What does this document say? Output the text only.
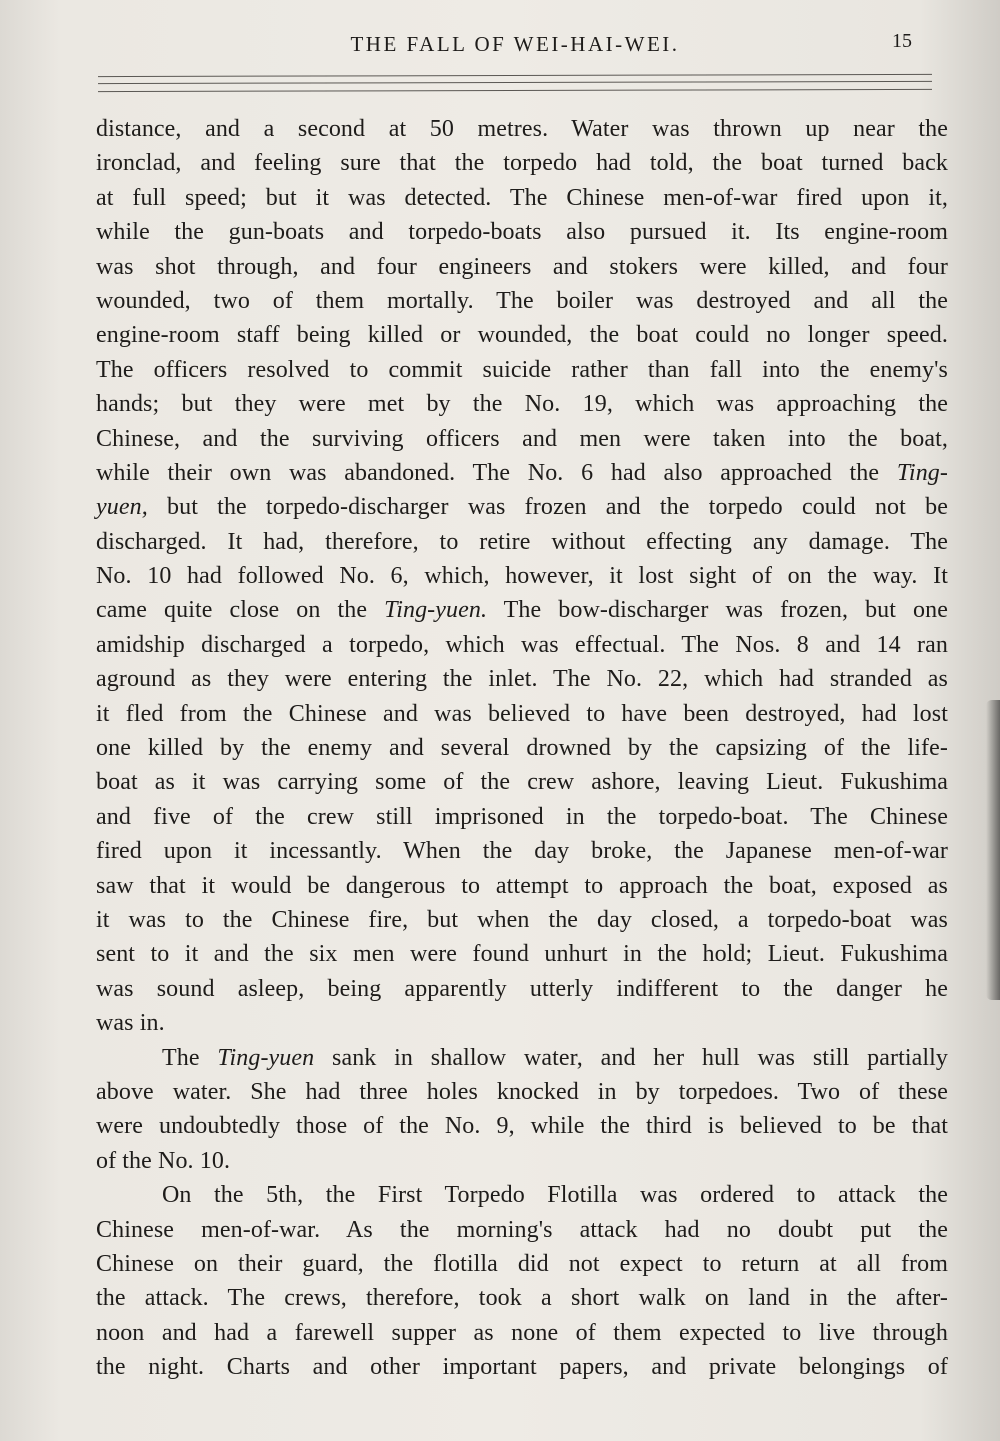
THE FALL OF WEI-HAI-WEI.	15
distance, and a second at 50 metres. Water was thrown up near the
ironclad, and feeling sure that the torpedo had told, the boat turned back
at full speed; but it was detected. The Chinese men-of-war fired upon it,
while the gun-boats and torpedo-boats also pursued it. Its engine-room
was shot through, and four engineers and stokers were killed, and four
wounded, two of them mortally. The boiler was destroyed and all the
engine-room staff being killed or wounded, the boat could no longer speed.
The officers resolved to commit suicide rather than fall into the enemy's
hands; but they were met by the No. 19, which was approaching the
Chinese, and the surviving officers and men were taken into the boat,
while their own was abandoned. The No. 6 had also approached the Ting-
yuen, but the torpedo-discharger was frozen and the torpedo could not be
discharged. It had, therefore, to retire without effecting any damage. The
No. 10 had followed No. 6, which, however, it lost sight of on the way. It
came quite close on the Ting-yuen. The bow-discharger was frozen, but one
amidship discharged a torpedo, which was effectual. The Nos. 8 and 14 ran
aground as they were entering the inlet. The No. 22, which had stranded as
it fled from the Chinese and was believed to have been destroyed, had lost
one killed by the enemy and several drowned by the capsizing of the life-
boat as it was carrying some of the crew ashore, leaving Lieut. Fukushima
and five of the crew still imprisoned in the torpedo-boat. The Chinese
fired upon it incessantly. When the day broke, the Japanese men-of-war
saw that it would be dangerous to attempt to approach the boat, exposed as
it was to the Chinese fire, but when the day closed, a torpedo-boat was
sent to it and the six men were found unhurt in the hold; Lieut. Fukushima
was sound asleep, being apparently utterly indifferent to the danger he
was in.
The Ting-yuen sank in shallow water, and her hull was still partially
above water. She had three holes knocked in by torpedoes. Two of these
were undoubtedly those of the No. 9, while the third is believed to be that
of the No. 10.
On the 5th, the First Torpedo Flotilla was ordered to attack the
Chinese men-of-war. As the morning's attack had no doubt put the
Chinese on their guard, the flotilla did not expect to return at all from
the attack. The crews, therefore, took a short walk on land in the after-
noon and had a farewell supper as none of them expected to live through
the night. Charts and other important papers, and private belongings of
